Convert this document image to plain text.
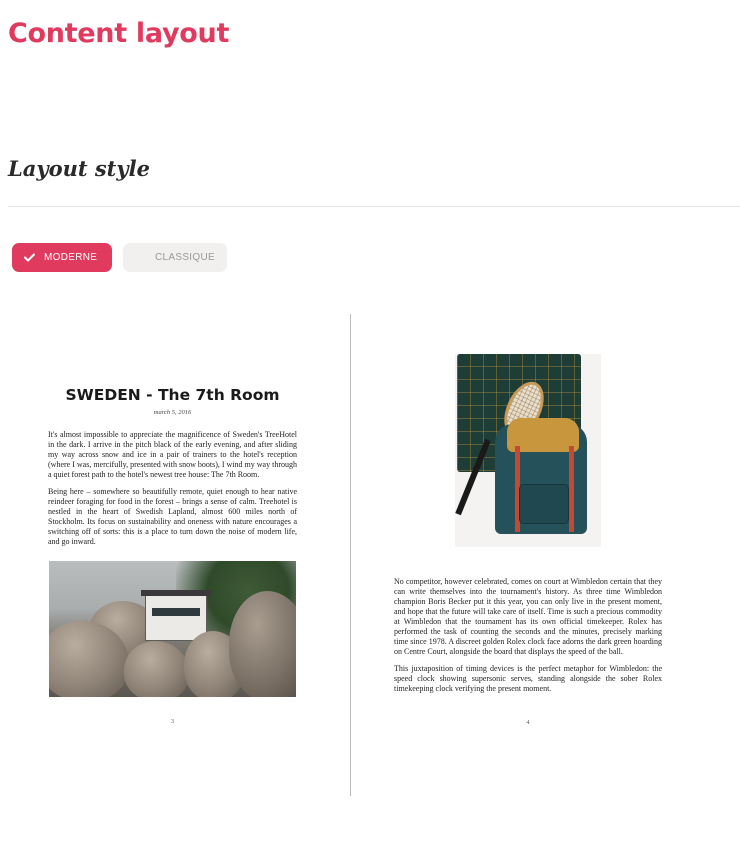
Content layout
Layout style
MODERNE	CLASSIQUE
SWEDEN - The 7th Room
march 5, 2016

It's almost impossible to appreciate the magnificence of Sweden's TreeHotel in the dark. I arrive in the pitch black of the early evening, and after sliding my way across snow and ice in a pair of trainers to the hotel's reception (where I was, mercifully, presented with snow boots), I wind my way through a quiet forest path to the hotel's newest tree house: The 7th Room.

Being here – somewhere so beautifully remote, quiet enough to hear native reindeer foraging for food in the forest – brings a sense of calm. Treehotel is nestled in the heart of Swedish Lapland, almost 600 miles north of Stockholm. Its focus on sustainability and oneness with nature encourages a switching off of sorts: this is a place to turn down the noise of modern life, and go inward.

3

No competitor, however celebrated, comes on court at Wimbledon certain that they can write themselves into the tournament's history. As three time Wimbledon champion Boris Becker put it this year, you can only live in the present moment, and hope that the future will take care of itself. Time is such a precious commodity at Wimbledon that the tournament has its own official timekeeper. Rolex has performed the task of counting the seconds and the minutes, precisely marking time since 1978. A discreet golden Rolex clock face adorns the dark green hoarding on Centre Court, alongside the board that displays the speed of the ball.

This juxtaposition of timing devices is the perfect metaphor for Wimbledon: the speed clock showing supersonic serves, standing alongside the sober Rolex timekeeping clock verifying the present moment.

4
